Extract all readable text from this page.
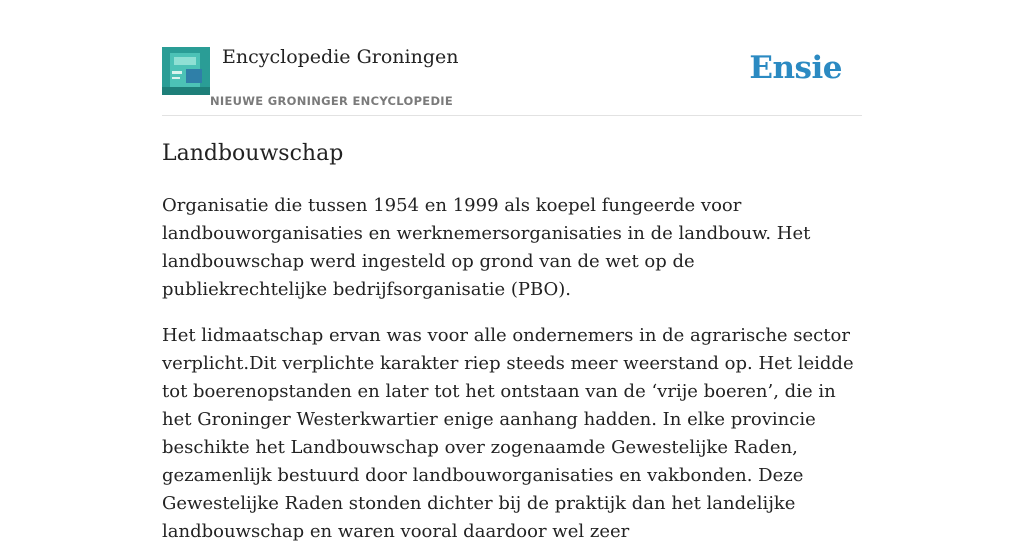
Encyclopedie Groningen
NIEUWE GRONINGER ENCYCLOPEDIE
Ensie
Landbouwschap

Organisatie die tussen 1954 en 1999 als koepel fungeerde voor landbouworganisaties en werknemersorganisaties in de landbouw. Het landbouwschap werd ingesteld op grond van de wet op de publiekrechtelijke bedrijfsorganisatie (PBO).

Het lidmaatschap ervan was voor alle ondernemers in de agrarische sector verplicht.Dit verplichte karakter riep steeds meer weerstand op. Het leidde tot boerenopstanden en later tot het ontstaan van de ‘vrije boeren’, die in het Groninger Westerkwartier enige aanhang hadden. In elke provincie beschikte het Landbouwschap over zogenaamde Gewestelijke Raden, gezamenlijk bestuurd door landbouworganisaties en vakbonden. Deze Gewestelijke Raden stonden dichter bij de praktijk dan het landelijke landbouwschap en waren vooral daardoor wel zeer
